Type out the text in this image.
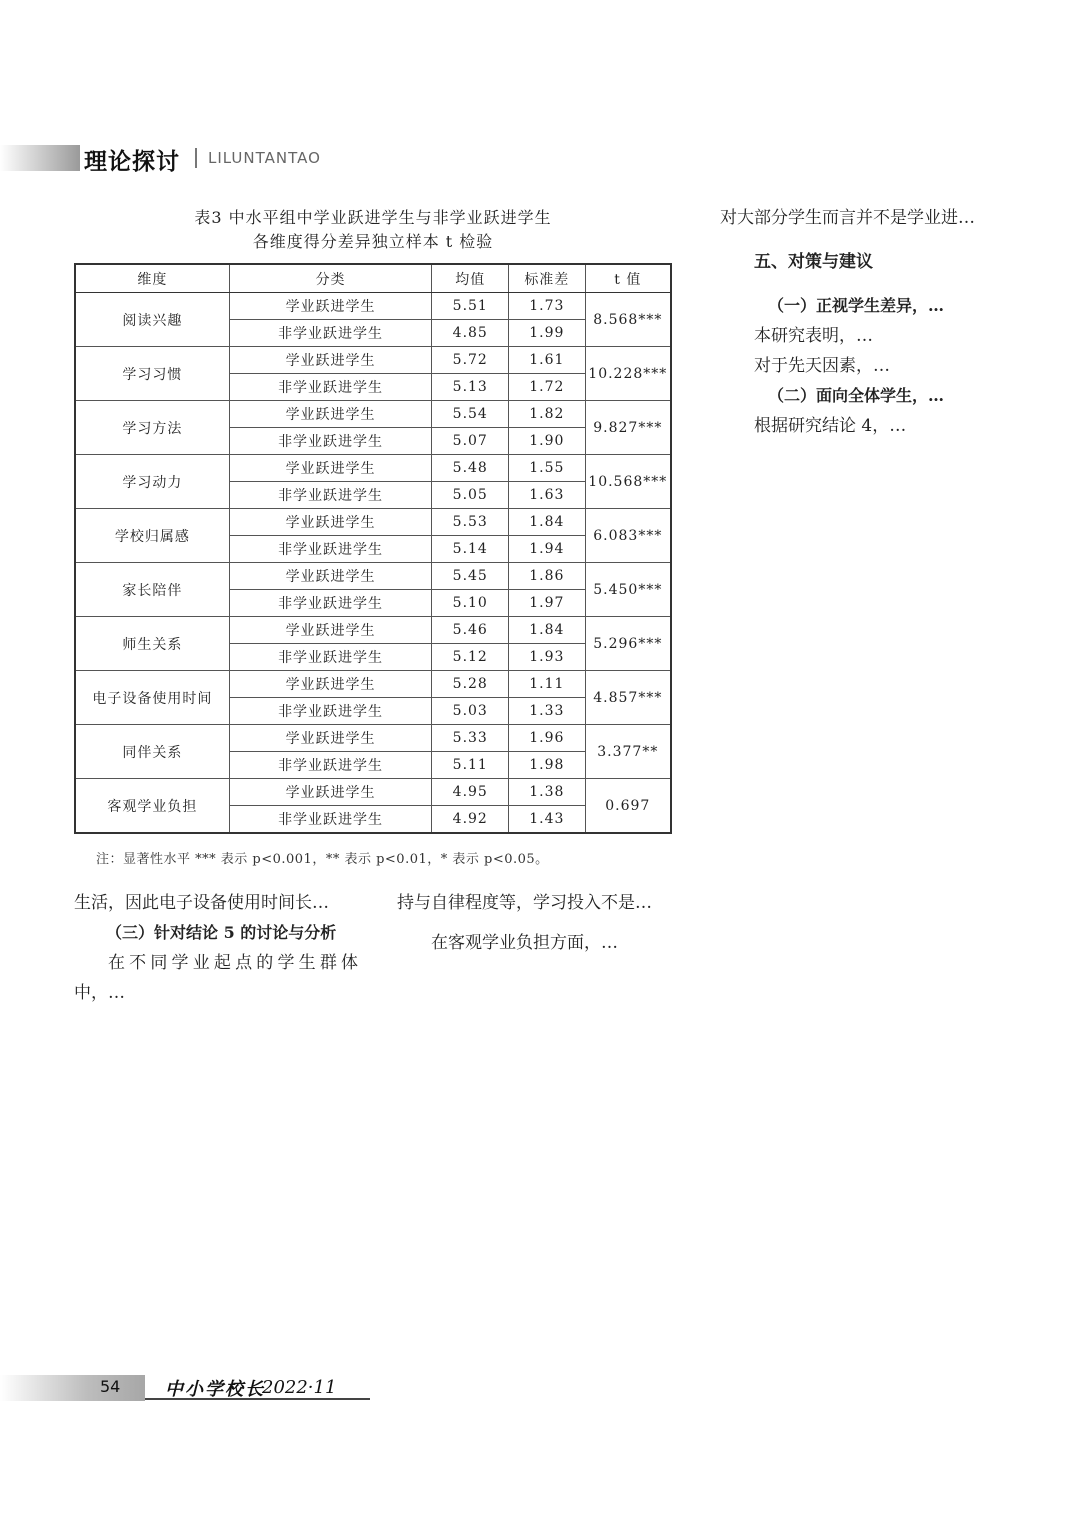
理论探讨 LILUNTANTAO
表3 中水平组中学业跃进学生与非学业跃进学生
各维度得分差异独立样本 t 检验
维度	分类	均值	标准差	t 值
阅读兴趣	学业跃进学生	5.51	1.73	8.568***
	非学业跃进学生	4.85	1.99	
学习习惯	学业跃进学生	5.72	1.61	10.228***
	非学业跃进学生	5.13	1.72	
学习方法	学业跃进学生	5.54	1.82	9.827***
	非学业跃进学生	5.07	1.90	
学习动力	学业跃进学生	5.48	1.55	10.568***
	非学业跃进学生	5.05	1.63	
学校归属感	学业跃进学生	5.53	1.84	6.083***
	非学业跃进学生	5.14	1.94	
家长陪伴	学业跃进学生	5.45	1.86	5.450***
	非学业跃进学生	5.10	1.97	
师生关系	学业跃进学生	5.46	1.84	5.296***
	非学业跃进学生	5.12	1.93	
电子设备使用时间	学业跃进学生	5.28	1.11	4.857***
	非学业跃进学生	5.03	1.33	
同伴关系	学业跃进学生	5.33	1.96	3.377**
	非学业跃进学生	5.11	1.98	
客观学业负担	学业跃进学生	4.95	1.38	0.697
	非学业跃进学生	4.92	1.43	
注：显著性水平 *** 表示 p<0.001，** 表示 p<0.01，* 表示 p<0.05。

生活，因此电子设备使用时间长…

（三）针对结论 5 的讨论与分析

在不同学业起点的学生群体中，…

持与自律程度等，学习投入不是…

在客观学业负担方面，…

对大部分学生而言并不是学业进…

五、对策与建议
（一）正视学生差异，…

本研究表明，…

对于先天因素，…

（二）面向全体学生，…

根据研究结论 4，…

54 中小学校长
2022·11
